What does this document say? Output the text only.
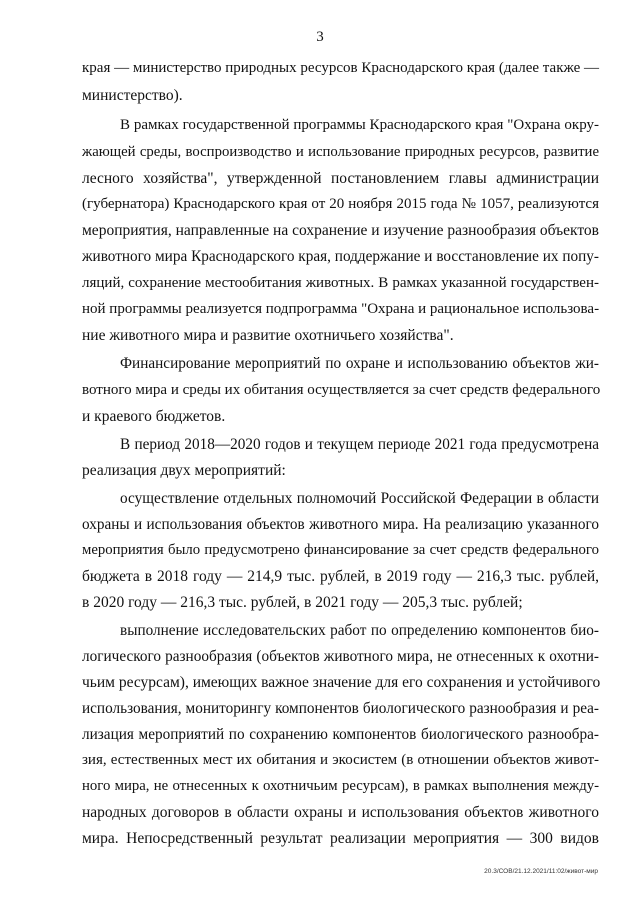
3
края — министерство природных ресурсов Краснодарского края (далее также —
министерство).
В рамках государственной программы Краснодарского края "Охрана окру-
жающей среды, воспроизводство и использование природных ресурсов, развитие
лесного хозяйства", утвержденной постановлением главы администрации
(губернатора) Краснодарского края от 20 ноября 2015 года № 1057, реализуются
мероприятия, направленные на сохранение и изучение разнообразия объектов
животного мира Краснодарского края, поддержание и восстановление их попу-
ляций, сохранение местообитания животных. В рамках указанной государствен-
ной программы реализуется подпрограмма "Охрана и рациональное использова-
ние животного мира и развитие охотничьего хозяйства".
Финансирование мероприятий по охране и использованию объектов жи-
вотного мира и среды их обитания осуществляется за счет средств федерального
и краевого бюджетов.
В период 2018—2020 годов и текущем периоде 2021 года предусмотрена
реализация двух мероприятий:
осуществление отдельных полномочий Российской Федерации в области
охраны и использования объектов животного мира. На реализацию указанного
мероприятия было предусмотрено финансирование за счет средств федерального
бюджета в 2018 году — 214,9 тыс. рублей, в 2019 году — 216,3 тыс. рублей,
в 2020 году — 216,3 тыс. рублей, в 2021 году — 205,3 тыс. рублей;
выполнение исследовательских работ по определению компонентов био-
логического разнообразия (объектов животного мира, не отнесенных к охотни-
чьим ресурсам), имеющих важное значение для его сохранения и устойчивого
использования, мониторингу компонентов биологического разнообразия и реа-
лизация мероприятий по сохранению компонентов биологического разнообра-
зия, естественных мест их обитания и экосистем (в отношении объектов живот-
ного мира, не отнесенных к охотничьим ресурсам), в рамках выполнения между-
народных договоров в области охраны и использования объектов животного
мира. Непосредственный результат реализации мероприятия — 300 видов
20.3/СОВ/21.12.2021/11:02/живот-мир
